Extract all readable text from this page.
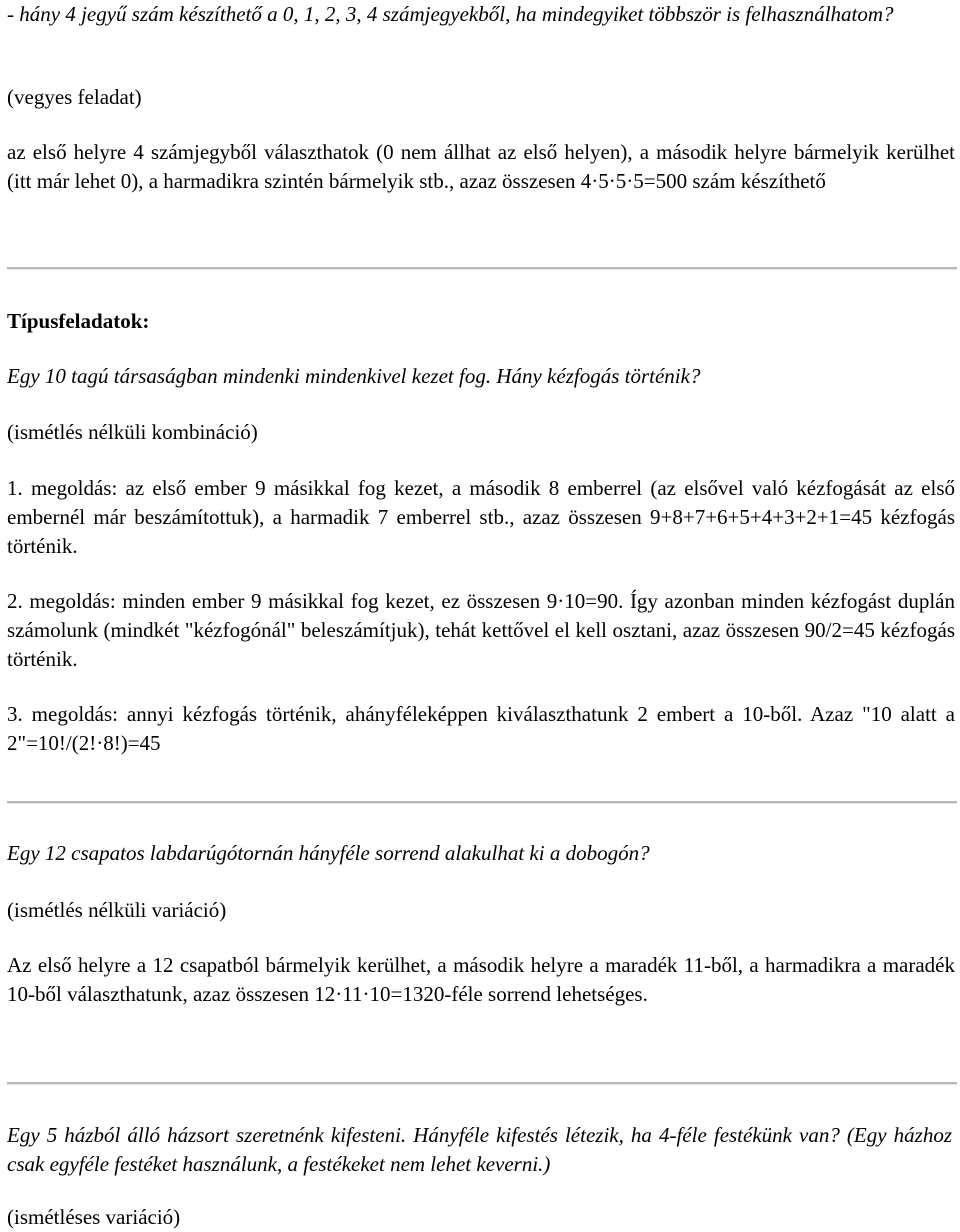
- hány 4 jegyű szám készíthető a 0, 1, 2, 3, 4 számjegyekből, ha mindegyiket többször is felhasználhatom?

(vegyes feladat)

az első helyre 4 számjegyből választhatok (0 nem állhat az első helyen), a második helyre bármelyik kerülhet (itt már lehet 0), a harmadikra szintén bármelyik stb., azaz összesen 4·5·5·5=500 szám készíthető

Típusfeladatok:

Egy 10 tagú társaságban mindenki mindenkivel kezet fog. Hány kézfogás történik?

(ismétlés nélküli kombináció)

1. megoldás: az első ember 9 másikkal fog kezet, a második 8 emberrel (az elsővel való kézfogását az első embernél már beszámítottuk), a harmadik 7 emberrel stb., azaz összesen 9+8+7+6+5+4+3+2+1=45 kézfogás történik.

2. megoldás: minden ember 9 másikkal fog kezet, ez összesen 9·10=90. Így azonban minden kézfogást duplán számolunk (mindkét "kézfogónál" beleszámítjuk), tehát kettővel el kell osztani, azaz összesen 90/2=45 kézfogás történik.

3. megoldás: annyi kézfogás történik, ahányféleképpen kiválaszthatunk 2 embert a 10-ből. Azaz "10 alatt a 2"=10!/(2!·8!)=45

Egy 12 csapatos labdarúgótornán hányféle sorrend alakulhat ki a dobogón?

(ismétlés nélküli variáció)

Az első helyre a 12 csapatból bármelyik kerülhet, a második helyre a maradék 11-ből, a harmadikra a maradék 10-ből választhatunk, azaz összesen 12·11·10=1320-féle sorrend lehetséges.

Egy 5 házból álló házsort szeretnénk kifesteni. Hányféle kifestés létezik, ha 4-féle festékünk van? (Egy házhoz csak egyféle festéket használunk, a festékeket nem lehet keverni.)

(ismétléses variáció)
